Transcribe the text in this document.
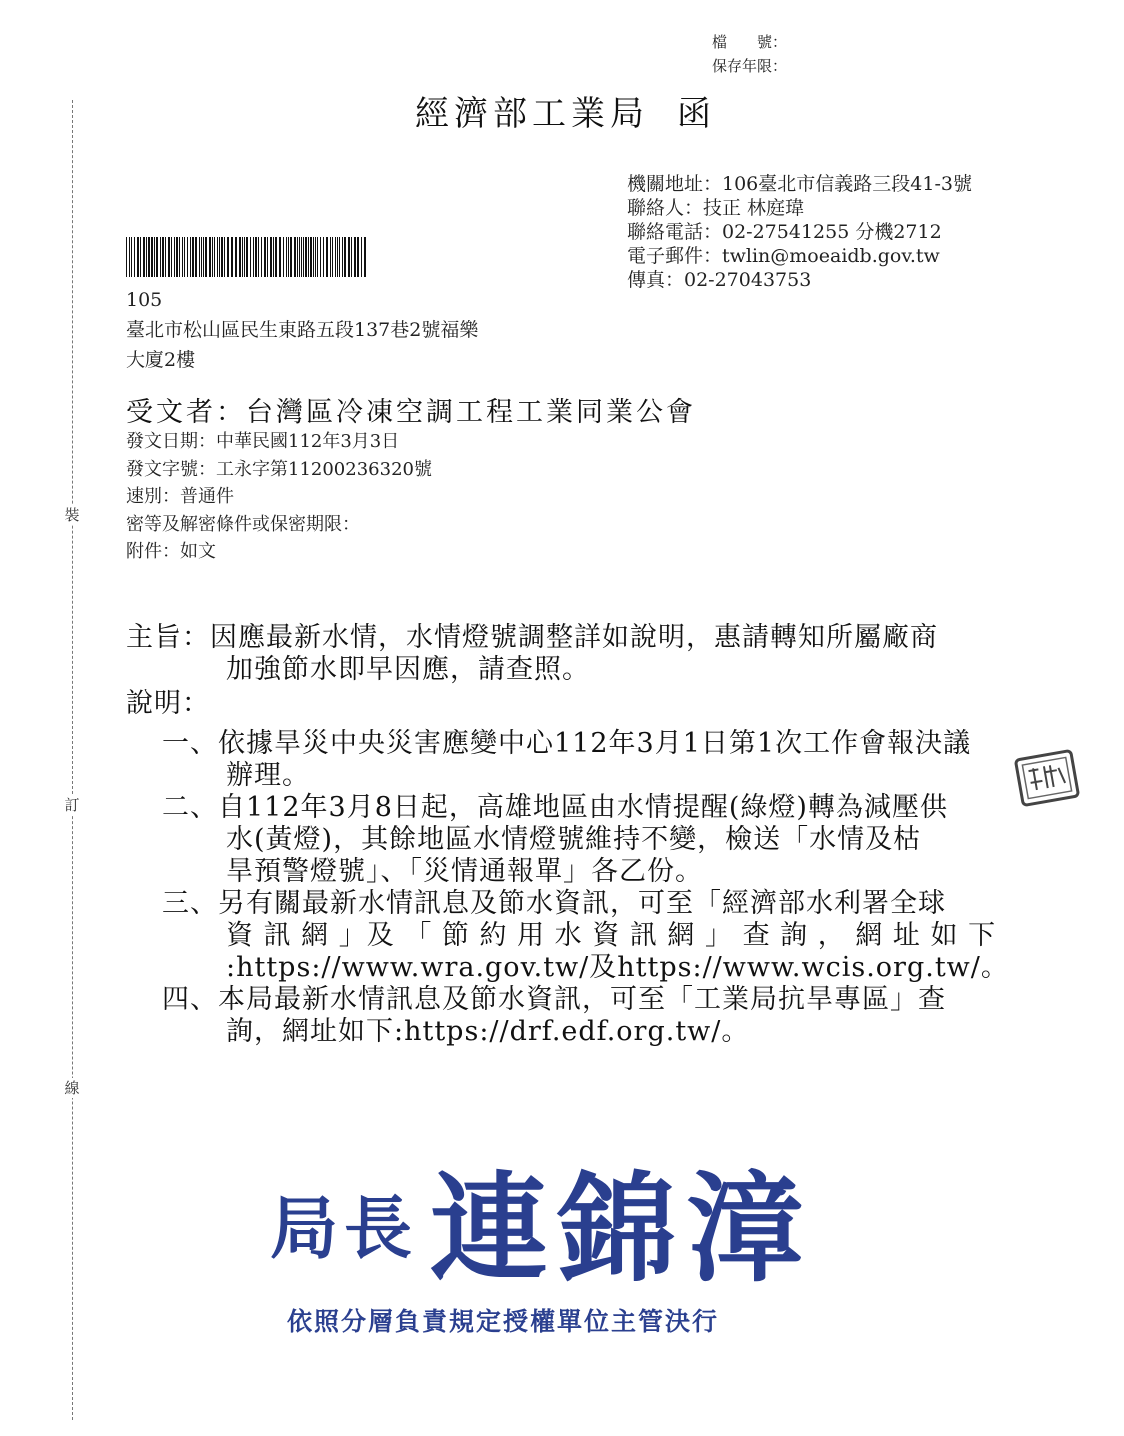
裝
訂
線
檔　　號：
保存年限：
經濟部工業局 函
機關地址：106臺北市信義路三段41-3號
聯絡人：技正 林庭瑋
聯絡電話：02-27541255 分機2712
電子郵件：twlin@moeaidb.gov.tw
傳真：02-27043753
105
臺北市松山區民生東路五段137巷2號福樂
大廈2樓
受文者：台灣區冷凍空調工程工業同業公會
發文日期：中華民國112年3月3日
發文字號：工永字第11200236320號
速別：普通件
密等及解密條件或保密期限：
附件：如文
主旨：因應最新水情，水情燈號調整詳如說明，惠請轉知所屬廠商
加強節水即早因應，請查照。
說明：
一、依據旱災中央災害應變中心112年3月1日第1次工作會報決議
辦理。
二、自112年3月8日起，高雄地區由水情提醒(綠燈)轉為減壓供
水(黃燈)，其餘地區水情燈號維持不變，檢送「水情及枯
旱預警燈號」、「災情通報單」各乙份。
三、另有關最新水情訊息及節水資訊，可至「經濟部水利署全球
資 訊 網 」及 「 節 約 用 水 資 訊 網 」 查 詢 ， 網 址 如 下
:https://www.wra.gov.tw/及https://www.wcis.org.tw/。
四、本局最新水情訊息及節水資訊，可至「工業局抗旱專區」查
詢，網址如下:https://drf.edf.org.tw/。
局長 連錦漳
依照分層負責規定授權單位主管決行
